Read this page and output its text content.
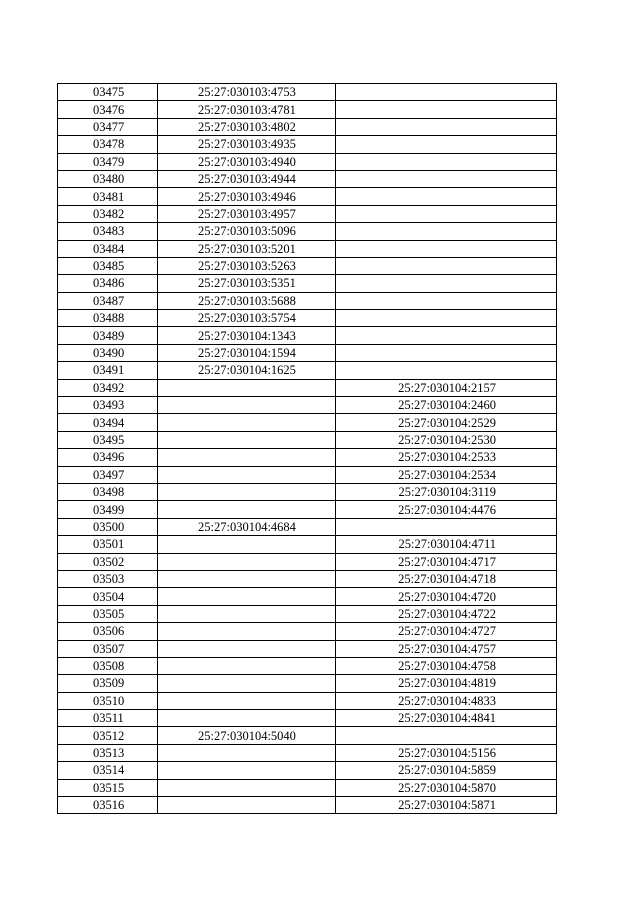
03475	25:27:030103:4753	
03476	25:27:030103:4781	
03477	25:27:030103:4802	
03478	25:27:030103:4935	
03479	25:27:030103:4940	
03480	25:27:030103:4944	
03481	25:27:030103:4946	
03482	25:27:030103:4957	
03483	25:27:030103:5096	
03484	25:27:030103:5201	
03485	25:27:030103:5263	
03486	25:27:030103:5351	
03487	25:27:030103:5688	
03488	25:27:030103:5754	
03489	25:27:030104:1343	
03490	25:27:030104:1594	
03491	25:27:030104:1625	
03492		25:27:030104:2157
03493		25:27:030104:2460
03494		25:27:030104:2529
03495		25:27:030104:2530
03496		25:27:030104:2533
03497		25:27:030104:2534
03498		25:27:030104:3119
03499		25:27:030104:4476
03500	25:27:030104:4684	
03501		25:27:030104:4711
03502		25:27:030104:4717
03503		25:27:030104:4718
03504		25:27:030104:4720
03505		25:27:030104:4722
03506		25:27:030104:4727
03507		25:27:030104:4757
03508		25:27:030104:4758
03509		25:27:030104:4819
03510		25:27:030104:4833
03511		25:27:030104:4841
03512	25:27:030104:5040	
03513		25:27:030104:5156
03514		25:27:030104:5859
03515		25:27:030104:5870
03516		25:27:030104:5871
